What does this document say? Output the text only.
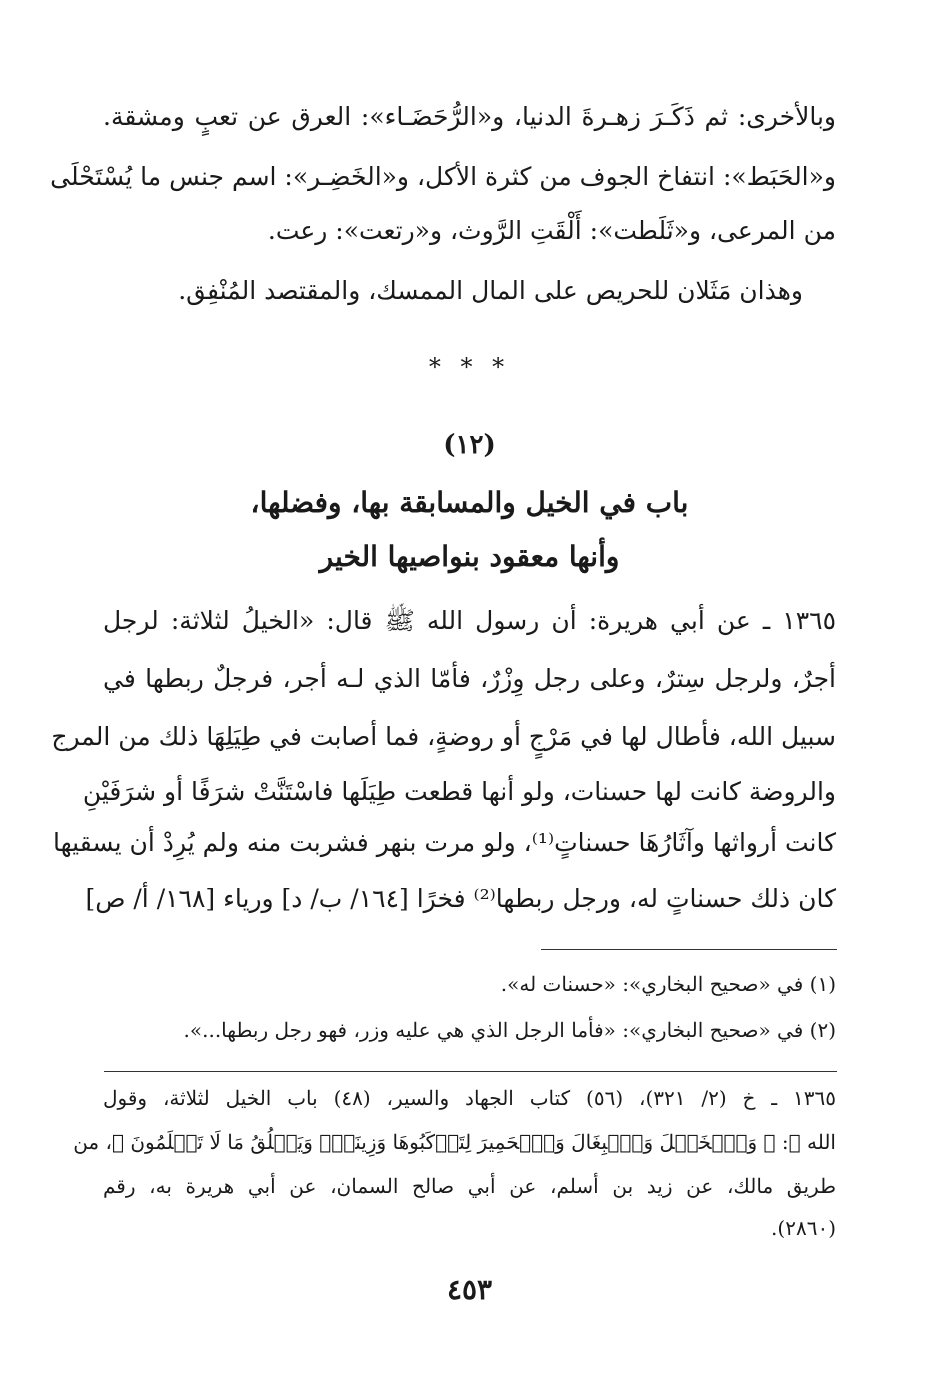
وبالأخرى: ثم ذَكَـرَ زهـرةَ الدنيا، و«الرُّحَضَـاء»: العرق عن تعبٍ ومشقة.
و«الحَبَط»: انتفاخ الجوف من كثرة الأكل، و«الخَضِـر»: اسم جنس ما يُسْتَحْلَى
من المرعى، و«ثَلَطت»: أَلْقَتِ الرَّوث، و«رتعت»: رعت.
وهذان مَثَلان للحريص على المال الممسك، والمقتصد المُنْفِق.
* * *
(١٢)
باب في الخيل والمسابقة بها، وفضلها،
وأنها معقود بنواصيها الخير
١٣٦٥ ـ عن أبي هريرة: أن رسول الله ﷺ قال: «الخيلُ لثلاثة: لرجل
أجرٌ، ولرجل سِترٌ، وعلى رجل وِزْرٌ، فأمّا الذي لـه أجر، فرجلٌ ربطها في
سبيل الله، فأطال لها في مَرْجٍ أو روضةٍ، فما أصابت في طِيَلِهَا ذلك من المرج
والروضة كانت لها حسنات، ولو أنها قطعت طِيَلَها فاسْتَنَّتْ شرَفًا أو شرَفَيْنِ
كانت أرواثها وآثَارُهَا حسناتٍ⁽¹⁾، ولو مرت بنهر فشربت منه ولم يُرِدْ أن يسقيها
كان ذلك حسناتٍ له، ورجل ربطها⁽²⁾ فخرًا [١٦٤/ ب/ د] ورياء [١٦٨/ أ/ ص]
(١) في «صحيح البخاري»: «حسنات له».
(٢) في «صحيح البخاري»: «فأما الرجل الذي هي عليه وزر، فهو رجل ربطها...».
١٣٦٥ ـ خ (٢/ ٣٢١)، (٥٦) كتاب الجهاد والسير، (٤٨) باب الخيل لثلاثة، وقول
الله ﷻ: ﴿ وَٱلۡخَيۡلَ وَٱلۡبِغَالَ وَٱلۡحَمِيرَ لِتَرۡكَبُوهَا وَزِينَةٗۚ وَيَخۡلُقُ مَا لَا تَعۡلَمُونَ ﴾، من
طريق مالك، عن زيد بن أسلم، عن أبي صالح السمان، عن أبي هريرة به، رقم
(٢٨٦٠).
٤٥٣
